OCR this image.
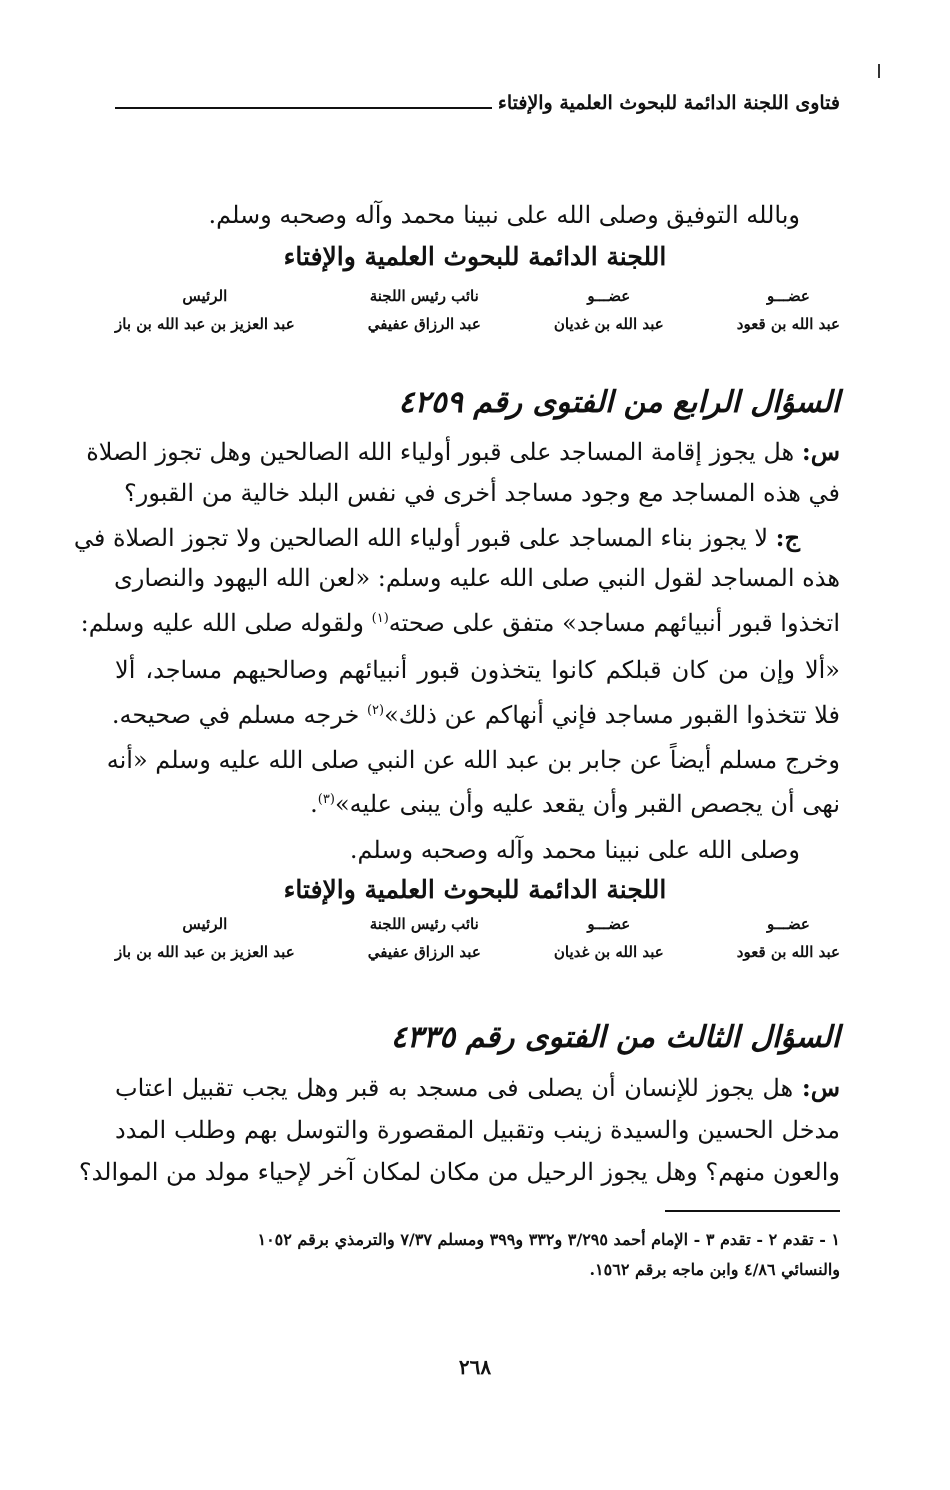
فتاوى اللجنة الدائمة للبحوث العلمية والإفتاء
وبالله التوفيق وصلى الله على نبينا محمد وآله وصحبه وسلم.
اللجنة الدائمة للبحوث العلمية والإفتاء
عضـــو
عبد الله بن قعود
عضـــو
عبد الله بن غديان
نائب رئيس اللجنة
عبد الرزاق عفيفي
الرئيس
عبد العزيز بن عبد الله بن باز
السؤال الرابع من الفتوى رقم ٤٢٥٩
س: هل يجوز إقامة المساجد على قبور أولياء الله الصالحين وهل تجوز الصلاة
في هذه المساجد مع وجود مساجد أخرى في نفس البلد خالية من القبور؟
ج: لا يجوز بناء المساجد على قبور أولياء الله الصالحين ولا تجوز الصلاة في
هذه المساجد لقول النبي صلى الله عليه وسلم: «لعن الله اليهود والنصارى
اتخذوا قبور أنبيائهم مساجد» متفق على صحته$^{(١)}$ ولقوله صلى الله عليه وسلم:
«ألا وإن من كان قبلكم كانوا يتخذون قبور أنبيائهم وصالحيهم مساجد، ألا
فلا تتخذوا القبور مساجد فإني أنهاكم عن ذلك»$^{(٢)}$ خرجه مسلم في صحيحه.
وخرج مسلم أيضاً عن جابر بن عبد الله عن النبي صلى الله عليه وسلم «أنه
نهى أن يجصص القبر وأن يقعد عليه وأن يبنى عليه»$^{(٣)}$.
وصلى الله على نبينا محمد وآله وصحبه وسلم.
اللجنة الدائمة للبحوث العلمية والإفتاء
عضـــو
عبد الله بن قعود
عضـــو
عبد الله بن غديان
نائب رئيس اللجنة
عبد الرزاق عفيفي
الرئيس
عبد العزيز بن عبد الله بن باز
السؤال الثالث من الفتوى رقم ٤٣٣٥
س: هل يجوز للإنسان أن يصلى فى مسجد به قبر وهل يجب تقبيل اعتاب
مدخل الحسين والسيدة زينب وتقبيل المقصورة والتوسل بهم وطلب المدد
والعون منهم؟ وهل يجوز الرحيل من مكان لمكان آخر لإحياء مولد من الموالد؟
١ - تقدم ٢ - تقدم ٣ - الإمام أحمد ٣/٢٩٥ و٣٣٢ و٣٩٩ ومسلم ٧/٣٧ والترمذي برقم ١٠٥٢
والنسائي ٤/٨٦ وابن ماجه برقم ١٥٦٢.
٢٦٨
